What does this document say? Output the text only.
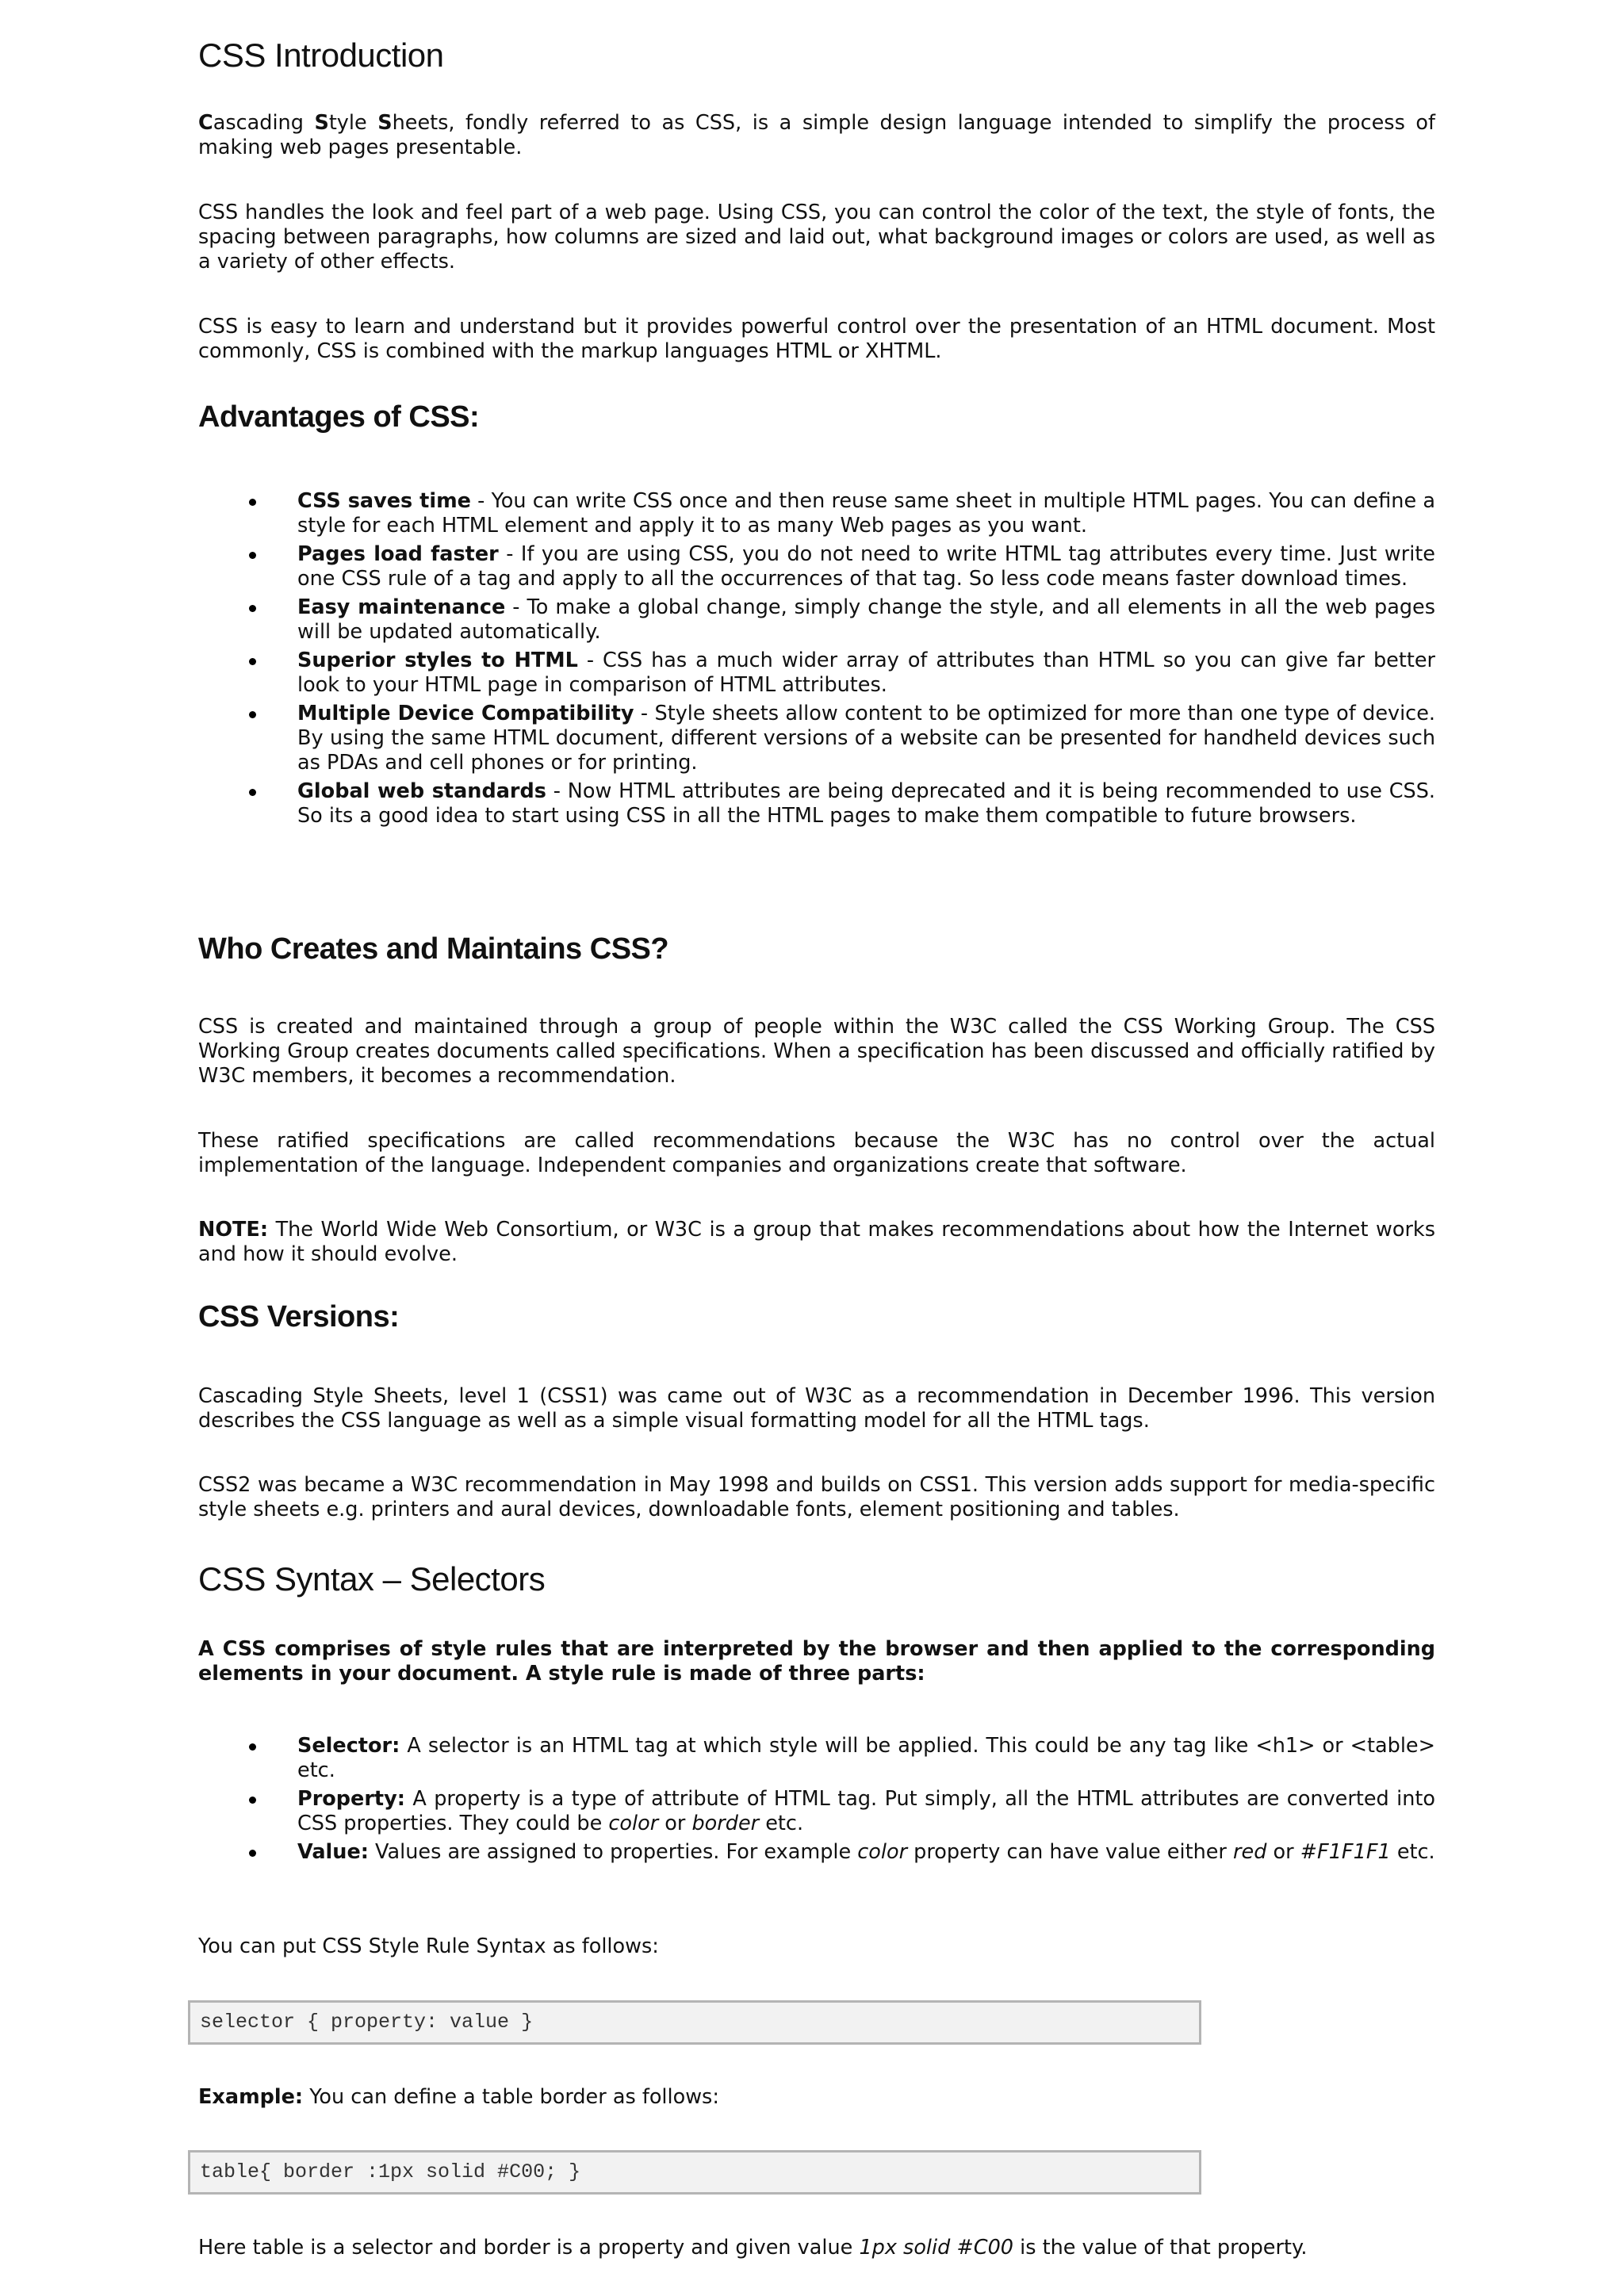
CSS Introduction

Cascading Style Sheets, fondly referred to as CSS, is a simple design language intended to simplify the process of making web pages presentable.

CSS handles the look and feel part of a web page. Using CSS, you can control the color of the text, the style of fonts, the spacing between paragraphs, how columns are sized and laid out, what background images or colors are used, as well as a variety of other effects.

CSS is easy to learn and understand but it provides powerful control over the presentation of an HTML document. Most commonly, CSS is combined with the markup languages HTML or XHTML.

Advantages of CSS:
CSS saves time - You can write CSS once and then reuse same sheet in multiple HTML pages. You can define a style for each HTML element and apply it to as many Web pages as you want.
Pages load faster - If you are using CSS, you do not need to write HTML tag attributes every time. Just write one CSS rule of a tag and apply to all the occurrences of that tag. So less code means faster download times.
Easy maintenance - To make a global change, simply change the style, and all elements in all the web pages will be updated automatically.
Superior styles to HTML - CSS has a much wider array of attributes than HTML so you can give far better look to your HTML page in comparison of HTML attributes.
Multiple Device Compatibility - Style sheets allow content to be optimized for more than one type of device. By using the same HTML document, different versions of a website can be presented for handheld devices such as PDAs and cell phones or for printing.
Global web standards - Now HTML attributes are being deprecated and it is being recommended to use CSS. So its a good idea to start using CSS in all the HTML pages to make them compatible to future browsers.
Who Creates and Maintains CSS?

CSS is created and maintained through a group of people within the W3C called the CSS Working Group. The CSS Working Group creates documents called specifications. When a specification has been discussed and officially ratified by W3C members, it becomes a recommendation.

These ratified specifications are called recommendations because the W3C has no control over the actual implementation of the language. Independent companies and organizations create that software.

NOTE: The World Wide Web Consortium, or W3C is a group that makes recommendations about how the Internet works and how it should evolve.

CSS Versions:

Cascading Style Sheets, level 1 (CSS1) was came out of W3C as a recommendation in December 1996. This version describes the CSS language as well as a simple visual formatting model for all the HTML tags.

CSS2 was became a W3C recommendation in May 1998 and builds on CSS1. This version adds support for media-specific style sheets e.g. printers and aural devices, downloadable fonts, element positioning and tables.

CSS Syntax – Selectors

A CSS comprises of style rules that are interpreted by the browser and then applied to the corresponding elements in your document. A style rule is made of three parts:

Selector: A selector is an HTML tag at which style will be applied. This could be any tag like <h1> or <table> etc.
Property: A property is a type of attribute of HTML tag. Put simply, all the HTML attributes are converted into CSS properties. They could be color or border etc.
Value: Values are assigned to properties. For example color property can have value either red or #F1F1F1 etc.

You can put CSS Style Rule Syntax as follows:

selector { property: value }

Example: You can define a table border as follows:

table{ border :1px solid #C00; }

Here table is a selector and border is a property and given value 1px solid #C00 is the value of that property.
